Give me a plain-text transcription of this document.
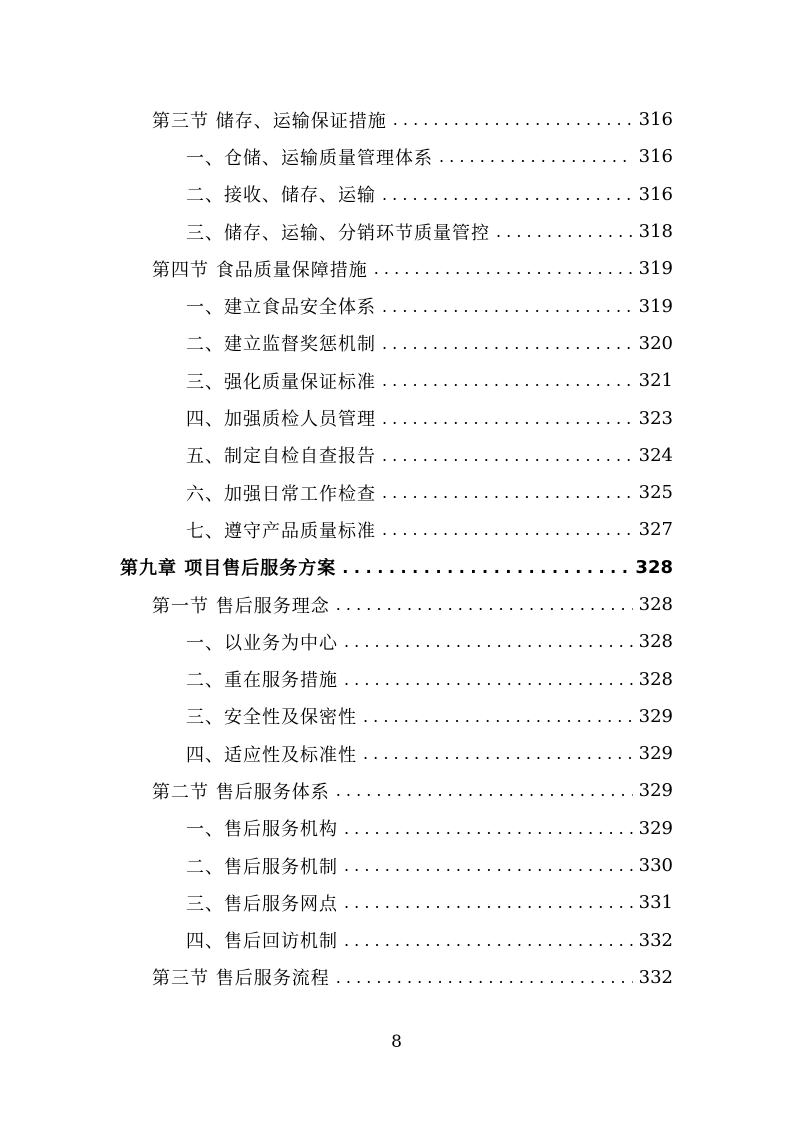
第三节 储存、运输保证措施 . . .	316
一、仓储、运输质量管理体系 . . .	316
二、接收、储存、运输 . . .	316
三、储存、运输、分销环节质量管控 . . .	318
第四节 食品质量保障措施 . . .	319
一、建立食品安全体系 . . .	319
二、建立监督奖惩机制 . . .	320
三、强化质量保证标准 . . .	321
四、加强质检人员管理 . . .	323
五、制定自检自查报告 . . .	324
六、加强日常工作检查 . . .	325
七、遵守产品质量标准 . . .	327
第九章 项目售后服务方案 . . .	328
第一节 售后服务理念 . . .	328
一、以业务为中心 . . .	328
二、重在服务措施 . . .	328
三、安全性及保密性 . . .	329
四、适应性及标准性 . . .	329
第二节 售后服务体系 . . .	329
一、售后服务机构 . . .	329
二、售后服务机制 . . .	330
三、售后服务网点 . . .	331
四、售后回访机制 . . .	332
第三节 售后服务流程 . . .	332
8
